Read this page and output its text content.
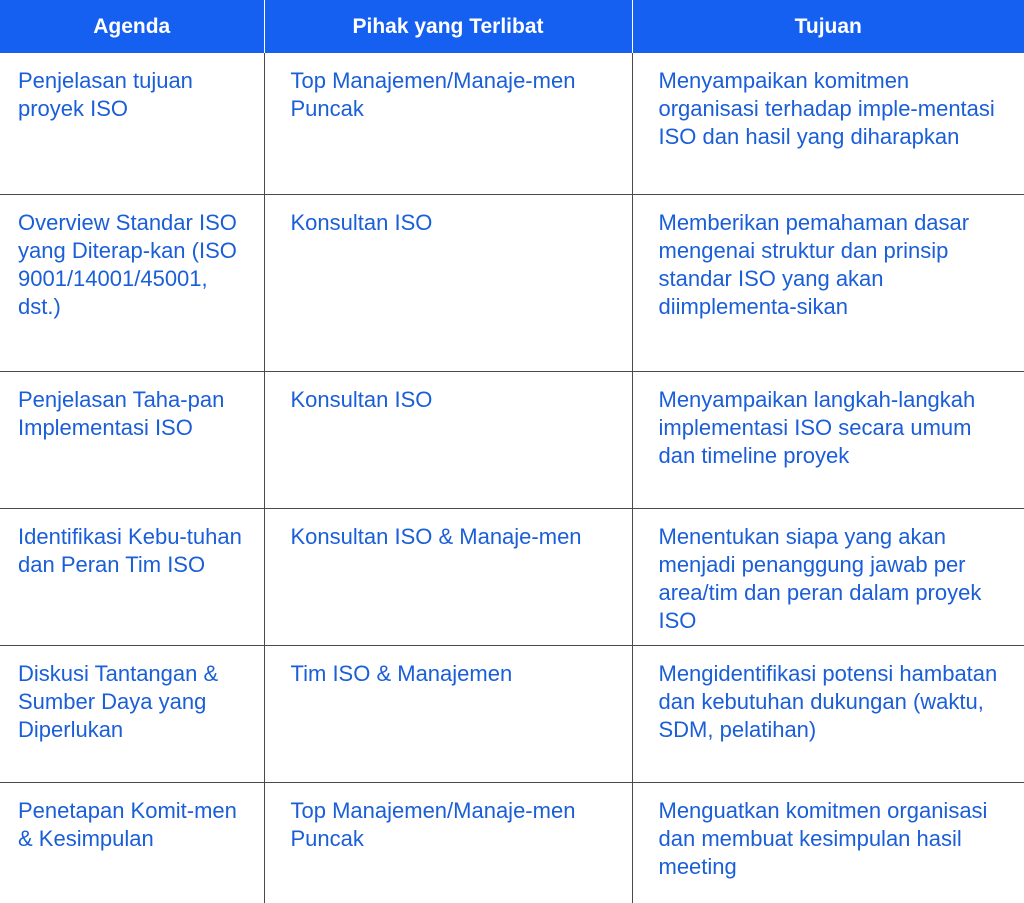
Agenda	Pihak yang Terlibat	Tujuan
Penjelasan tujuan proyek ISO	Top Manajemen/Manaje-men Puncak	Menyampaikan komitmen organisasi terhadap imple-mentasi ISO dan hasil yang diharapkan
Overview Standar ISO yang Diterap-kan (ISO 9001/14001/45001, dst.)	Konsultan ISO	Memberikan pemahaman dasar mengenai struktur dan prinsip standar ISO yang akan diimplementa-sikan
Penjelasan Taha-pan Implementasi ISO	Konsultan ISO	Menyampaikan langkah-langkah implementasi ISO secara umum dan timeline proyek
Identifikasi Kebu-tuhan dan Peran Tim ISO	Konsultan ISO & Manaje-men	Menentukan siapa yang akan menjadi penanggung jawab per area/tim dan peran dalam proyek ISO
Diskusi Tantangan & Sumber Daya yang Diperlukan	Tim ISO & Manajemen	Mengidentifikasi potensi hambatan dan kebutuhan dukungan (waktu, SDM, pelatihan)
Penetapan Komit-men & Kesimpulan	Top Manajemen/Manaje-men Puncak	Menguatkan komitmen organisasi dan membuat kesimpulan hasil meeting
